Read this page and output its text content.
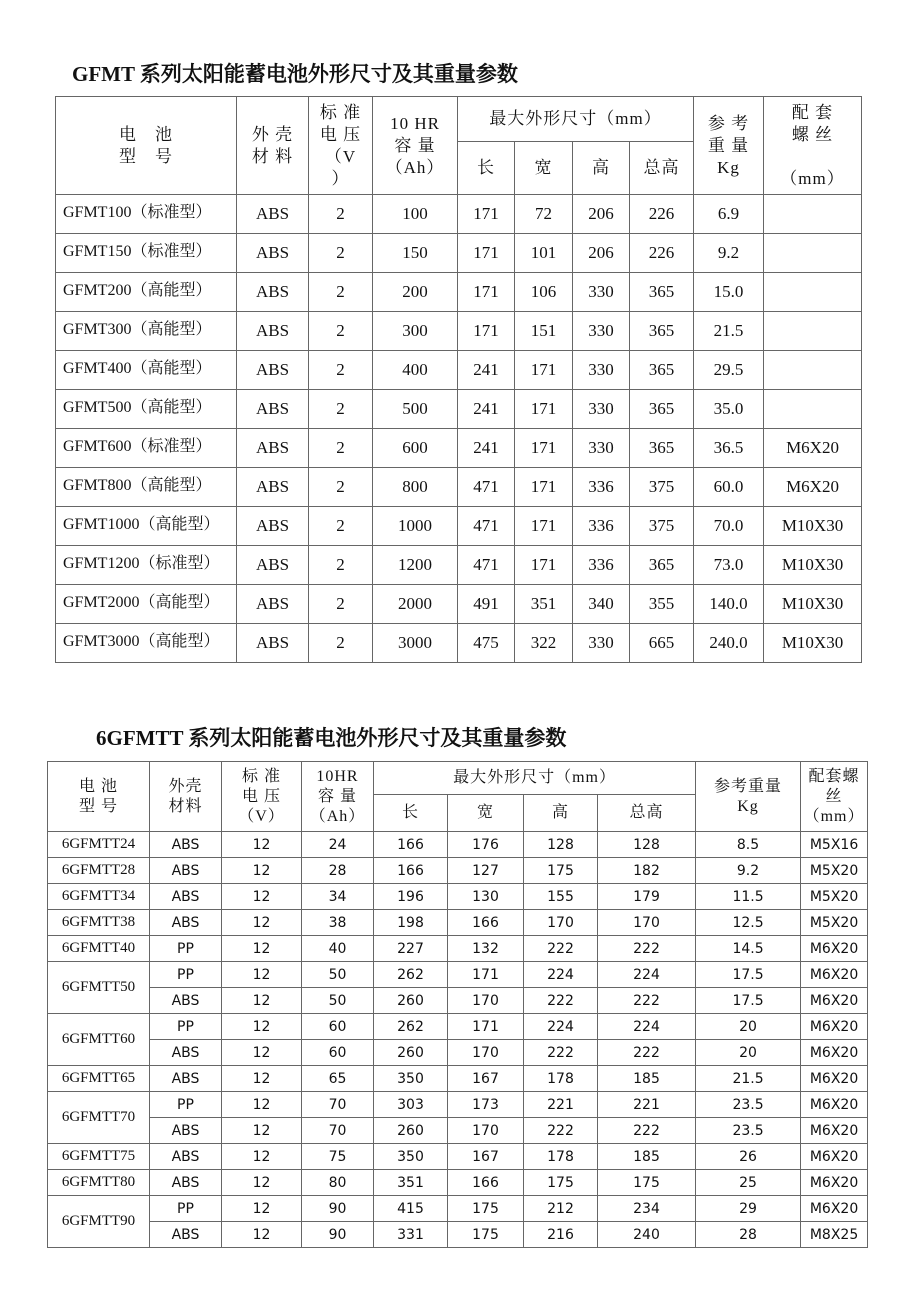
GFMT 系列太阳能蓄电池外形尺寸及其重量参数
电　池
型　号	外 壳
材 料	标 准
电 压
（V
）	10 HR
容 量
（Ah）	最大外形尺寸（mm）				参 考
重 量
Kg	配 套
螺 丝

（mm）
				长	宽	高	总高		
GFMT100（标准型）	ABS	2	100	171	72	206	226	6.9	
GFMT150（标准型）	ABS	2	150	171	101	206	226	9.2	
GFMT200（高能型）	ABS	2	200	171	106	330	365	15.0	
GFMT300（高能型）	ABS	2	300	171	151	330	365	21.5	
GFMT400（高能型）	ABS	2	400	241	171	330	365	29.5	
GFMT500（高能型）	ABS	2	500	241	171	330	365	35.0	
GFMT600（标准型）	ABS	2	600	241	171	330	365	36.5	M6X20
GFMT800（高能型）	ABS	2	800	471	171	336	375	60.0	M6X20
GFMT1000（高能型）	ABS	2	1000	471	171	336	375	70.0	M10X30
GFMT1200（标准型）	ABS	2	1200	471	171	336	365	73.0	M10X30
GFMT2000（高能型）	ABS	2	2000	491	351	340	355	140.0	M10X30
GFMT3000（高能型）	ABS	2	3000	475	322	330	665	240.0	M10X30
6GFMTT 系列太阳能蓄电池外形尺寸及其重量参数
电 池
型 号	外壳
材料	标 准
电 压
（V）	10HR
容 量
（Ah）	最大外形尺寸（mm）				参考重量
Kg	配套螺丝
（mm）
				长	宽	高	总高		
6GFMTT24	ABS	12	24	166	176	128	128	8.5	M5X16
6GFMTT28	ABS	12	28	166	127	175	182	9.2	M5X20
6GFMTT34	ABS	12	34	196	130	155	179	11.5	M5X20
6GFMTT38	ABS	12	38	198	166	170	170	12.5	M5X20
6GFMTT40	PP	12	40	227	132	222	222	14.5	M6X20
6GFMTT50	PP	12	50	262	171	224	224	17.5	M6X20
	ABS	12	50	260	170	222	222	17.5	M6X20
6GFMTT60	PP	12	60	262	171	224	224	20	M6X20
	ABS	12	60	260	170	222	222	20	M6X20
6GFMTT65	ABS	12	65	350	167	178	185	21.5	M6X20
6GFMTT70	PP	12	70	303	173	221	221	23.5	M6X20
	ABS	12	70	260	170	222	222	23.5	M6X20
6GFMTT75	ABS	12	75	350	167	178	185	26	M6X20
6GFMTT80	ABS	12	80	351	166	175	175	25	M6X20
6GFMTT90	PP	12	90	415	175	212	234	29	M6X20
	ABS	12	90	331	175	216	240	28	M8X25
